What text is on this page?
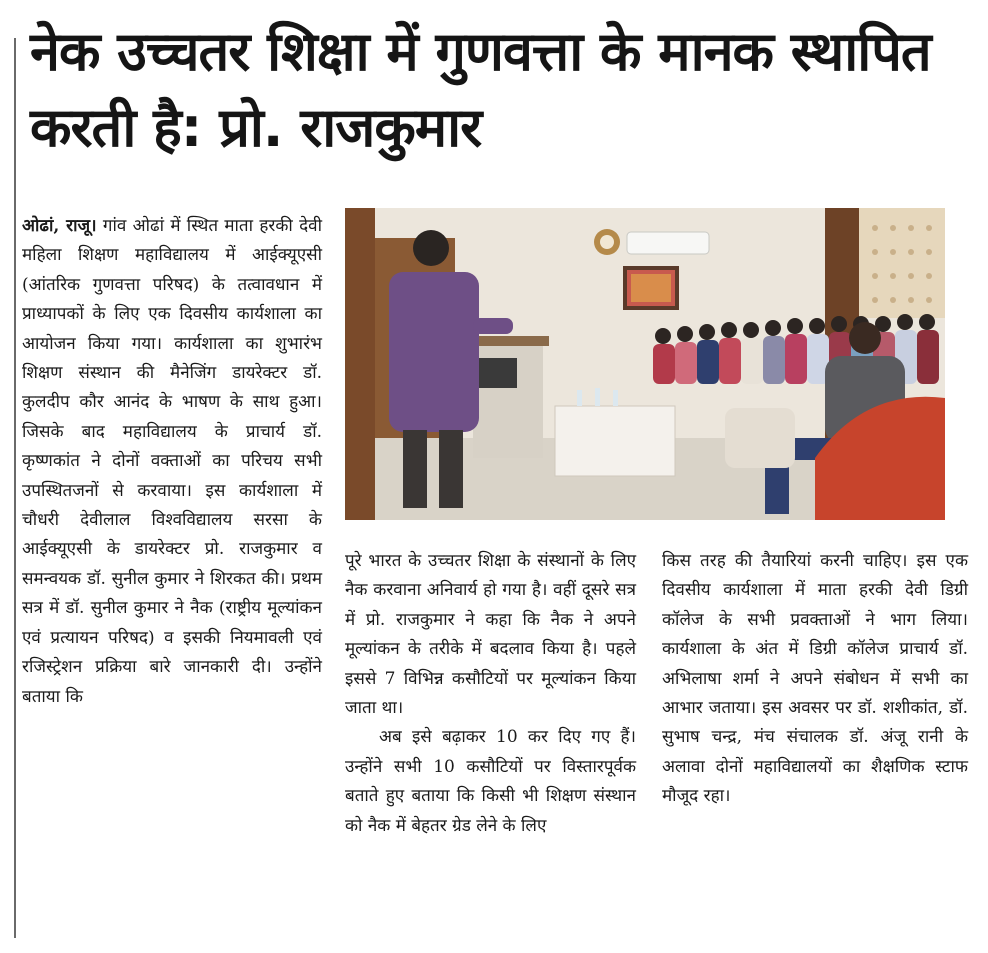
नेक उच्चतर शिक्षा में गुणवत्ता के मानक स्थापित करती है: प्रो. राजकुमार

ओढां, राजू। गांव ओढां में स्थित माता हरकी देवी महिला शिक्षण महाविद्यालय में आईक्यूएसी (आंतरिक गुणवत्ता परिषद) के तत्वावधान में प्राध्यापकों के लिए एक दिवसीय कार्यशाला का आयोजन किया गया। कार्यशाला का शुभारंभ शिक्षण संस्थान की मैनेजिंग डायरेक्टर डॉ. कुलदीप कौर आनंद के भाषण के साथ हुआ। जिसके बाद महाविद्यालय के प्राचार्य डॉ. कृष्णकांत ने दोनों वक्ताओं का परिचय सभी उपस्थितजनों से करवाया। इस कार्यशाला में चौधरी देवीलाल विश्वविद्यालय सरसा के आईक्यूएसी के डायरेक्टर प्रो. राजकुमार व समन्वयक डॉ. सुनील कुमार ने शिरकत की। प्रथम सत्र में डॉ. सुनील कुमार ने नैक (राष्ट्रीय मूल्यांकन एवं प्रत्यायन परिषद) व इसकी नियमावली एवं रजिस्ट्रेशन प्रक्रिया बारे जानकारी दी। उन्होंने बताया कि

पूरे भारत के उच्चतर शिक्षा के संस्थानों के लिए नैक करवाना अनिवार्य हो गया है। वहीं दूसरे सत्र में प्रो. राजकुमार ने कहा कि नैक ने अपने मूल्यांकन के तरीके में बदलाव किया है। पहले इससे 7 विभिन्न कसौटियों पर मूल्यांकन किया जाता था।

अब इसे बढ़ाकर 10 कर दिए गए हैं। उन्होंने सभी 10 कसौटियों पर विस्तारपूर्वक बताते हुए बताया कि किसी भी शिक्षण संस्थान को नैक में बेहतर ग्रेड लेने के लिए

किस तरह की तैयारियां करनी चाहिए। इस एक दिवसीय कार्यशाला में माता हरकी देवी डिग्री कॉलेज के सभी प्रवक्ताओं ने भाग लिया। कार्यशाला के अंत में डिग्री कॉलेज प्राचार्य डॉ. अभिलाषा शर्मा ने अपने संबोधन में सभी का आभार जताया। इस अवसर पर डॉ. शशीकांत, डॉ. सुभाष चन्द्र, मंच संचालक डॉ. अंजू रानी के अलावा दोनों महाविद्यालयों का शैक्षणिक स्टाफ मौजूद रहा।
